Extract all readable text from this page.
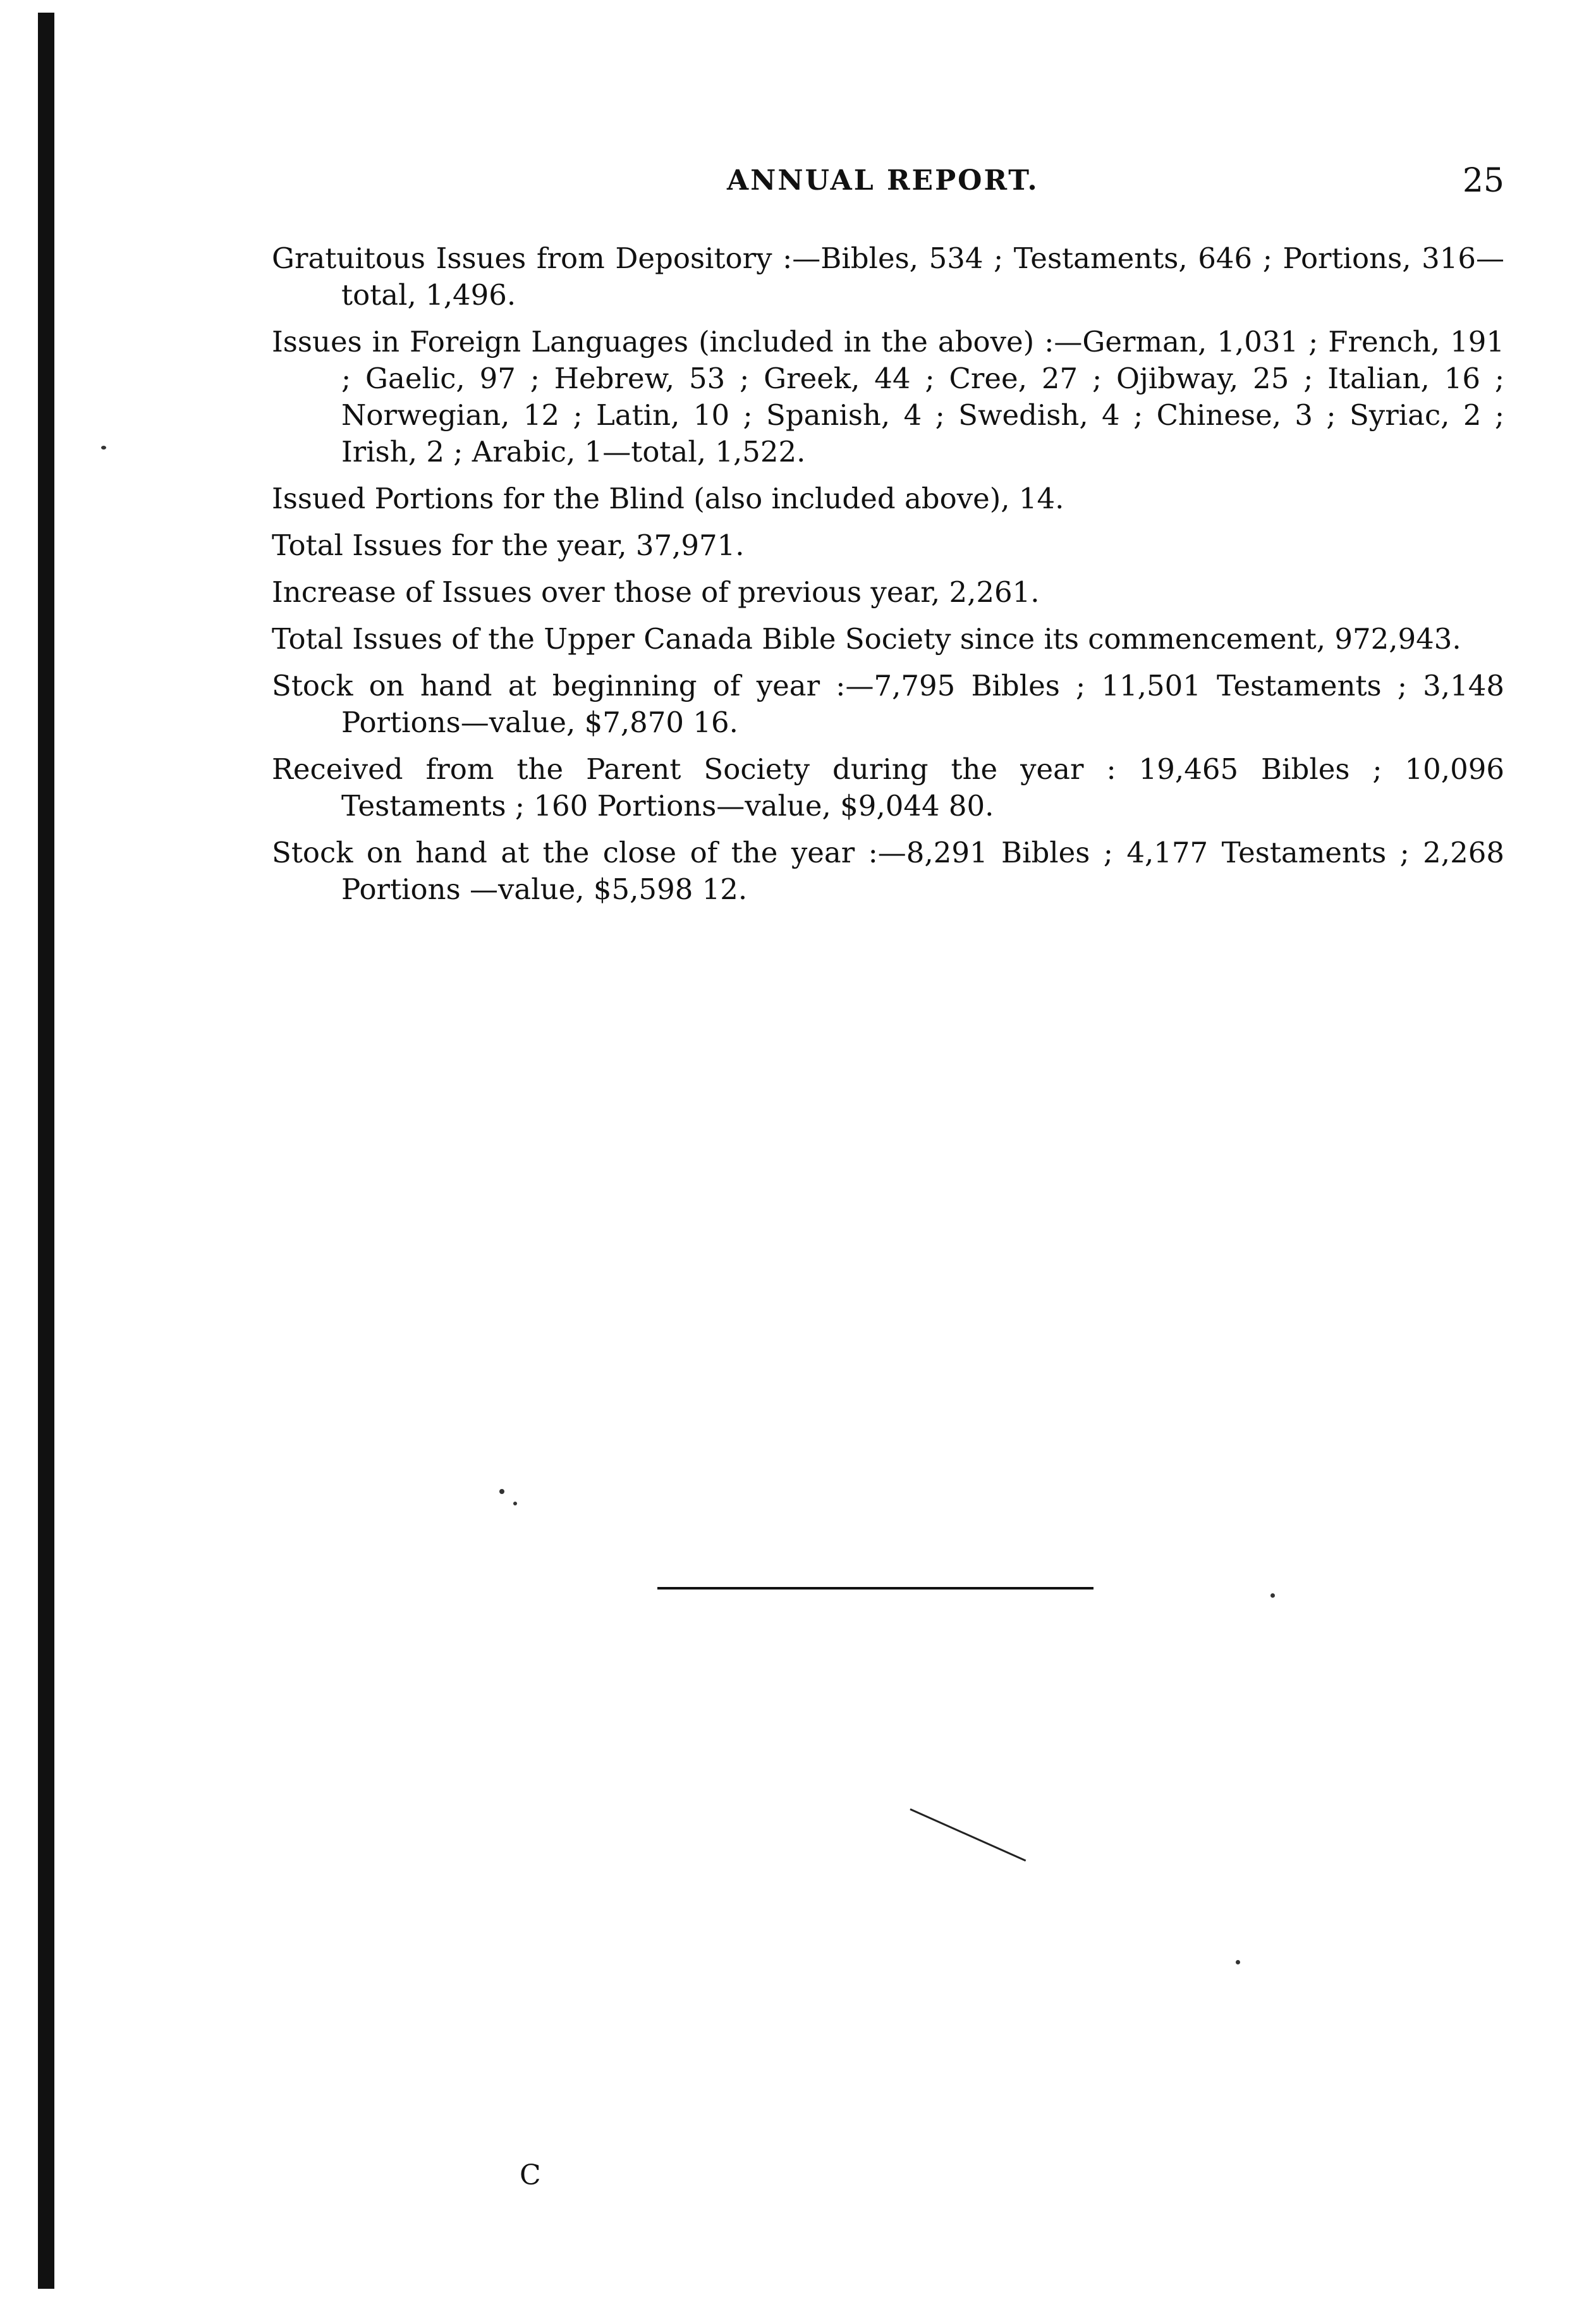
ANNUAL REPORT.	25

Gratuitous Issues from Depository :—Bibles, 534 ; Testaments, 646 ; Portions, 316—total, 1,496.

Issues in Foreign Languages (included in the above) :—German, 1,031 ; French, 191 ; Gaelic, 97 ; Hebrew, 53 ; Greek, 44 ; Cree, 27 ; Ojibway, 25 ; Italian, 16 ; Norwegian, 12 ; Latin, 10 ; Spanish, 4 ; Swedish, 4 ; Chinese, 3 ; Syriac, 2 ; Irish, 2 ; Arabic, 1—total, 1,522.

Issued Portions for the Blind (also included above), 14.

Total Issues for the year, 37,971.

Increase of Issues over those of previous year, 2,261.

Total Issues of the Upper Canada Bible Society since its commencement, 972,943.

Stock on hand at beginning of year :—7,795 Bibles ; 11,501 Testaments ; 3,148 Portions—value, $7,870 16.

Received from the Parent Society during the year : 19,465 Bibles ; 10,096 Testaments ; 160 Portions—value, $9,044 80.

Stock on hand at the close of the year :—8,291 Bibles ; 4,177 Testaments ; 2,268 Portions —value, $5,598 12.

C
